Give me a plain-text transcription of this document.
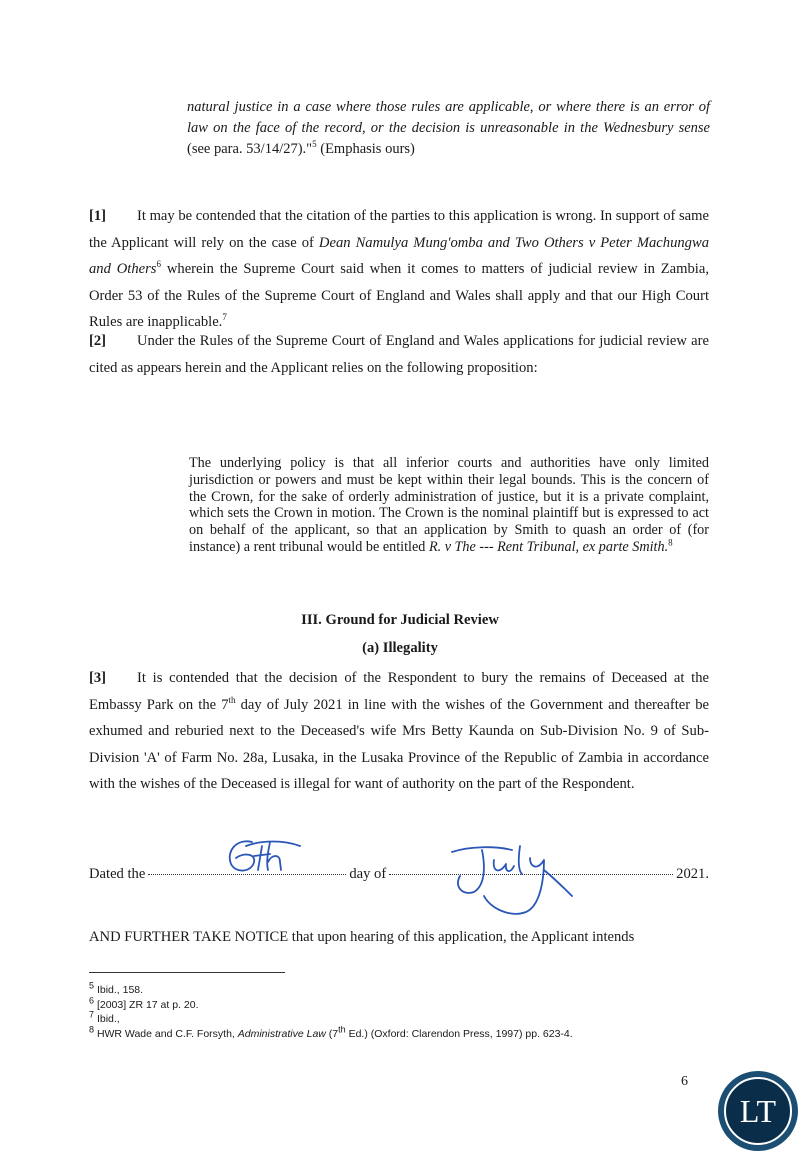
natural justice in a case where those rules are applicable, or where there is an error of law on the face of the record, or the decision is unreasonable in the Wednesbury sense (see para. 53/14/27)."$^5$ (Emphasis ours)
[1] It may be contended that the citation of the parties to this application is wrong. In support of same the Applicant will rely on the case of Dean Namulya Mung'omba and Two Others v Peter Machungwa and Others$^6$ wherein the Supreme Court said when it comes to matters of judicial review in Zambia, Order 53 of the Rules of the Supreme Court of England and Wales shall apply and that our High Court Rules are inapplicable.$^7$
[2] Under the Rules of the Supreme Court of England and Wales applications for judicial review are cited as appears herein and the Applicant relies on the following proposition:
The underlying policy is that all inferior courts and authorities have only limited jurisdiction or powers and must be kept within their legal bounds. This is the concern of the Crown, for the sake of orderly administration of justice, but it is a private complaint, which sets the Crown in motion. The Crown is the nominal plaintiff but is expressed to act on behalf of the applicant, so that an application by Smith to quash an order of (for instance) a rent tribunal would be entitled R. v The --- Rent Tribunal, ex parte Smith.$^8$
III. Ground for Judicial Review
(a) Illegality
[3] It is contended that the decision of the Respondent to bury the remains of Deceased at the Embassy Park on the 7th day of July 2021 in line with the wishes of the Government and thereafter be exhumed and reburied next to the Deceased's wife Mrs Betty Kaunda on Sub-Division No. 9 of Sub-Division 'A' of Farm No. 28a, Lusaka, in the Lusaka Province of the Republic of Zambia in accordance with the wishes of the Deceased is illegal for want of authority on the part of the Respondent.
Dated the	day of	2021.
AND FURTHER TAKE NOTICE that upon hearing of this application, the Applicant intends
$^5$ Ibid., 158.
$^6$ [2003] ZR 17 at p. 20.
$^7$ Ibid.,
$^8$ HWR Wade and C.F. Forsyth, Administrative Law (7th Ed.) (Oxford: Clarendon Press, 1997) pp. 623-4.
6
LT
